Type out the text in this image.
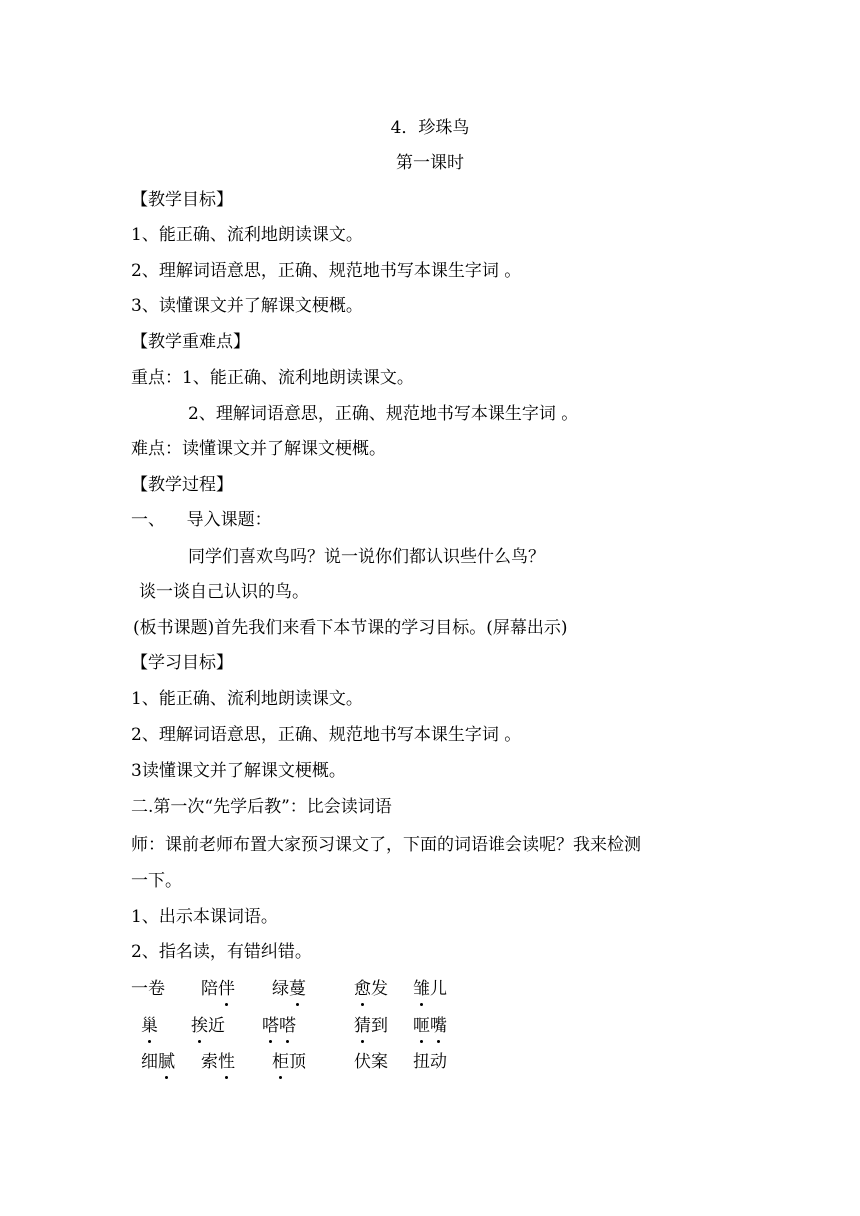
4．珍珠鸟
第一课时
【教学目标】
1、能正确、流利地朗读课文。
2、理解词语意思，正确、规范地书写本课生字词 。
3、读懂课文并了解课文梗概。
【教学重难点】
重点：1、能正确、流利地朗读课文。
2、理解词语意思，正确、规范地书写本课生字词 。
难点：读懂课文并了解课文梗概。
【教学过程】
一、    导入课题：
同学们喜欢鸟吗？说一说你们都认识些什么鸟？
谈一谈自己认识的鸟。
(板书课题)首先我们来看下本节课的学习目标。(屏幕出示)
【学习目标】
1、能正确、流利地朗读课文。
2、理解词语意思，正确、规范地书写本课生字词 。
3读懂课文并了解课文梗概。
二.第一次“先学后教”：比会读词语
师：课前老师布置大家预习课文了，下面的词语谁会读呢？我来检测
一下。
1、出示本课词语。
2、指名读，有错纠错。
一卷 陪伴 绿蔓	愈发 雏儿
巢 挨近 嗒嗒	猜到 咂嘴
细腻 索性 柜顶	伏案 扭动
